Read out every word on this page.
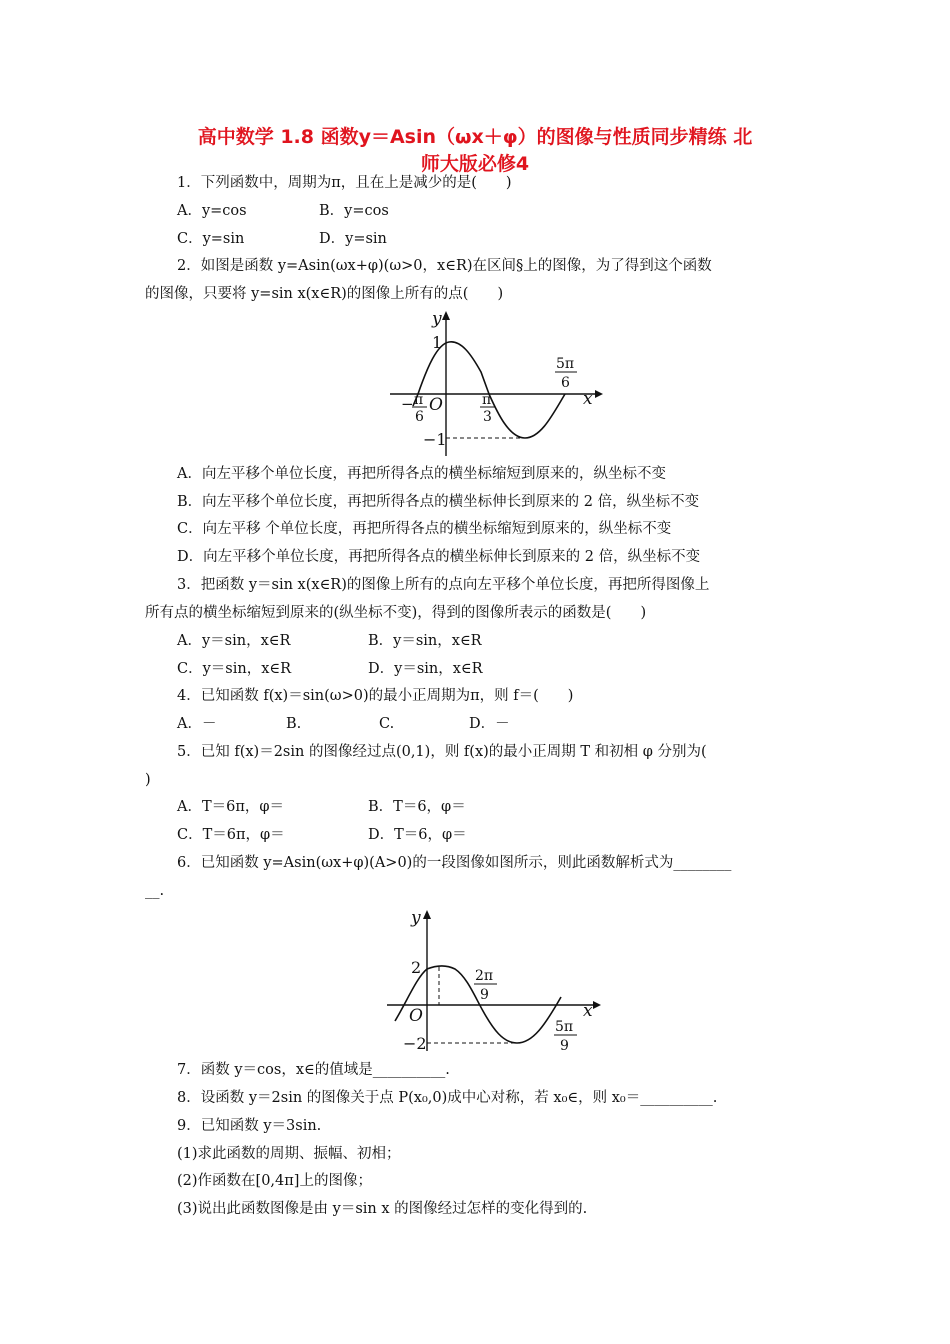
高中数学 1.8 函数y＝Asin（ωx＋φ）的图像与性质同步精练 北
师大版必修4
1．下列函数中，周期为π，且在上是减少的是(　　)
A．y=cos	B．y=cos
C．y=sin	D．y=sin
2．如图是函数 y=Asin(ωx+φ)(ω>0，x∈R)在区间§上的图像，为了得到这个函数
的图像，只要将 y=sin x(x∈R)的图像上所有的点(　　)
y
x
O
1
−1
− π
6
π
3
5π
6
A．向左平移个单位长度，再把所得各点的横坐标缩短到原来的，纵坐标不变
B．向左平移个单位长度，再把所得各点的横坐标伸长到原来的 2 倍，纵坐标不变
C．向左平移 个单位长度，再把所得各点的横坐标缩短到原来的，纵坐标不变
D．向左平移个单位长度，再把所得各点的横坐标伸长到原来的 2 倍，纵坐标不变
3．把函数 y＝sin x(x∈R)的图像上所有的点向左平移个单位长度，再把所得图像上
所有点的横坐标缩短到原来的(纵坐标不变)，得到的图像所表示的函数是(　　)
A．y＝sin，x∈R	B．y＝sin，x∈R
C．y＝sin，x∈R	D．y＝sin，x∈R
4．已知函数 f(x)＝sin(ω>0)的最小正周期为π，则 f＝(　　)
A．－	B.	C.	D．－
5．已知 f(x)＝2sin 的图像经过点(0,1)，则 f(x)的最小正周期 T 和初相 φ 分别为(
)
A．T＝6π，φ＝	B．T＝6，φ＝
C．T＝6π，φ＝	D．T＝6，φ＝
6．已知函数 y=Asin(ωx+φ)(A>0)的一段图像如图所示，则此函数解析式为________
__.
y
x
O
2
−2
2π
9
5π
9
7．函数 y＝cos，x∈的值域是__________.
8．设函数 y＝2sin 的图像关于点 P(x₀,0)成中心对称，若 x₀∈，则 x₀＝__________.
9．已知函数 y＝3sin.
(1)求此函数的周期、振幅、初相；
(2)作函数在[0,4π]上的图像；
(3)说出此函数图像是由 y＝sin x 的图像经过怎样的变化得到的.
